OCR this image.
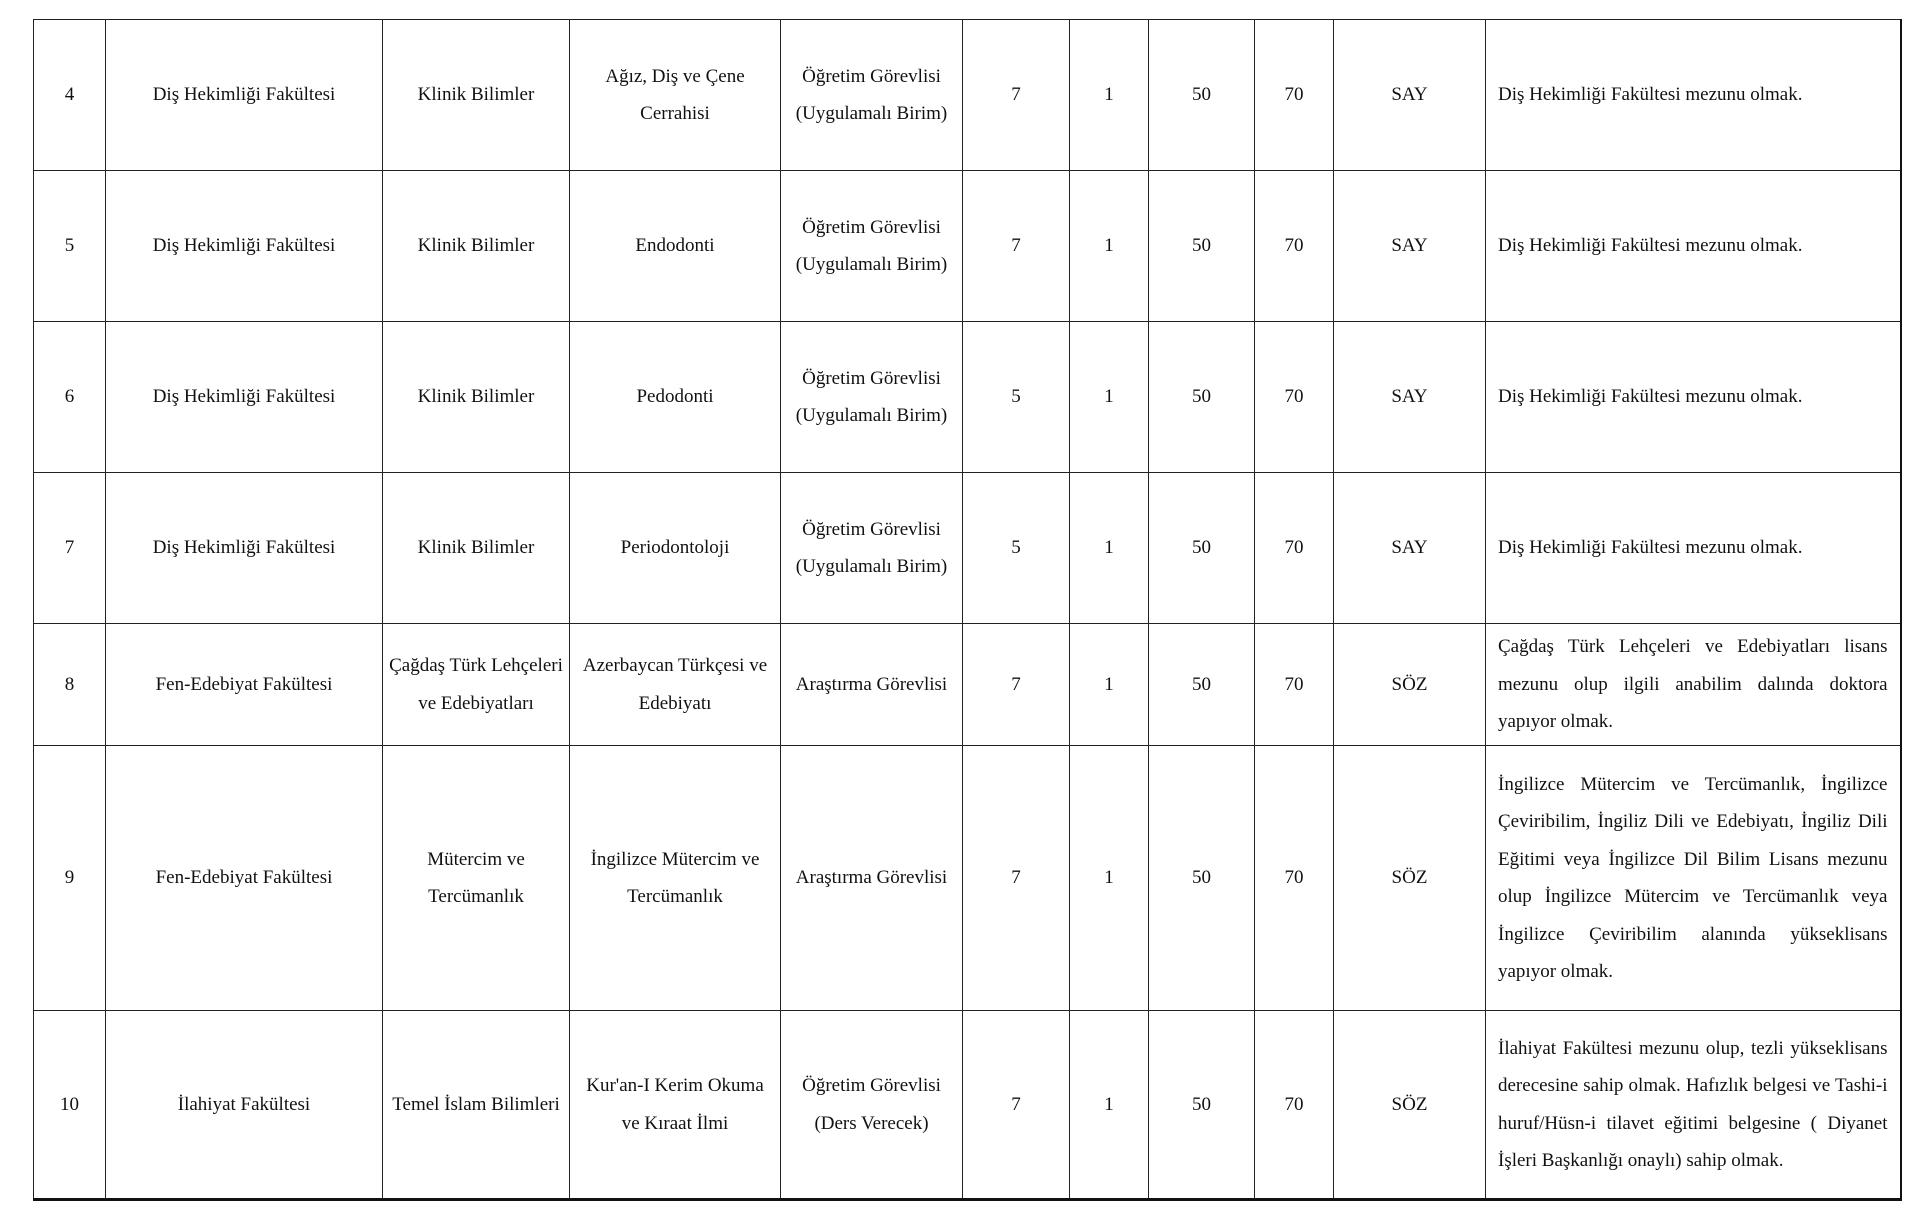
4	Diş Hekimliği Fakültesi	Klinik Bilimler	Ağız, Diş ve Çene Cerrahisi	Öğretim Görevlisi (Uygulamalı Birim)	7	1	50	70	SAY	Diş Hekimliği Fakültesi mezunu olmak.
5	Diş Hekimliği Fakültesi	Klinik Bilimler	Endodonti	Öğretim Görevlisi (Uygulamalı Birim)	7	1	50	70	SAY	Diş Hekimliği Fakültesi mezunu olmak.
6	Diş Hekimliği Fakültesi	Klinik Bilimler	Pedodonti	Öğretim Görevlisi (Uygulamalı Birim)	5	1	50	70	SAY	Diş Hekimliği Fakültesi mezunu olmak.
7	Diş Hekimliği Fakültesi	Klinik Bilimler	Periodontoloji	Öğretim Görevlisi (Uygulamalı Birim)	5	1	50	70	SAY	Diş Hekimliği Fakültesi mezunu olmak.
8	Fen-Edebiyat Fakültesi	Çağdaş Türk Lehçeleri ve Edebiyatları	Azerbaycan Türkçesi ve Edebiyatı	Araştırma Görevlisi	7	1	50	70	SÖZ	Çağdaş Türk Lehçeleri ve Edebiyatları lisans mezunu olup ilgili anabilim dalında doktora yapıyor olmak.
9	Fen-Edebiyat Fakültesi	Mütercim ve Tercümanlık	İngilizce Mütercim ve Tercümanlık	Araştırma Görevlisi	7	1	50	70	SÖZ	İngilizce Mütercim ve Tercümanlık, İngilizce Çeviribilim, İngiliz Dili ve Edebiyatı, İngiliz Dili Eğitimi veya İngilizce Dil Bilim Lisans mezunu olup İngilizce Mütercim ve Tercümanlık veya İngilizce Çeviribilim alanında yükseklisans yapıyor olmak.
10	İlahiyat Fakültesi	Temel İslam Bilimleri	Kur'an-I Kerim Okuma ve Kıraat İlmi	Öğretim Görevlisi (Ders Verecek)	7	1	50	70	SÖZ	İlahiyat Fakültesi mezunu olup, tezli yükseklisans derecesine sahip olmak. Hafızlık belgesi ve Tashi-i huruf/Hüsn-i tilavet eğitimi belgesine ( Diyanet İşleri Başkanlığı onaylı) sahip olmak.
